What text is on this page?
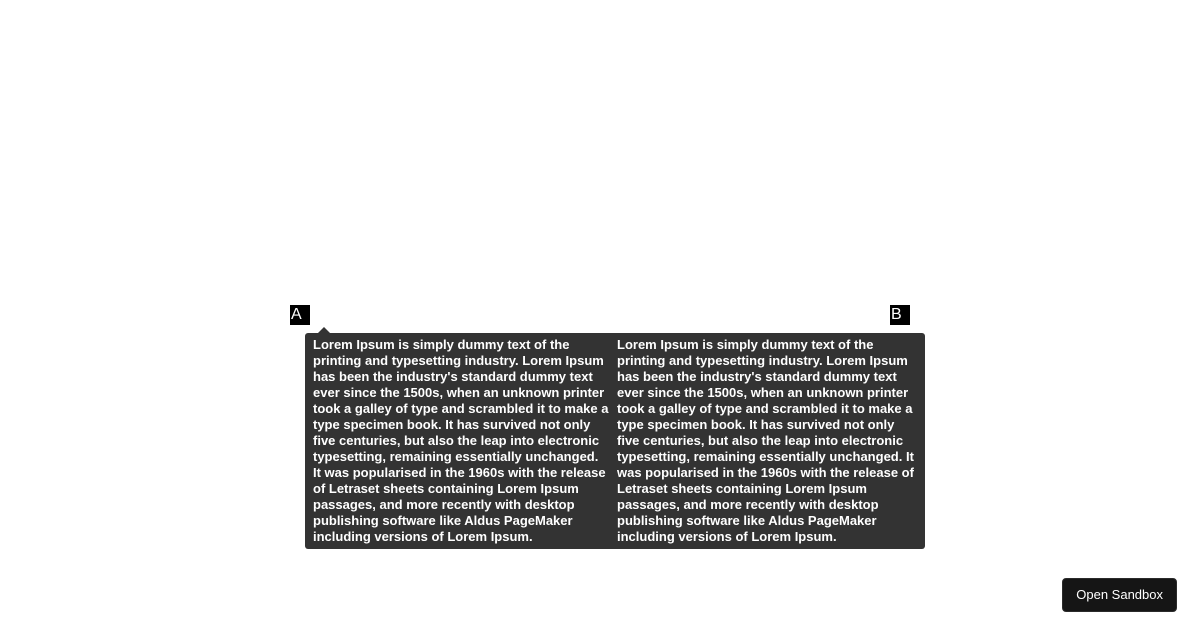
A	B
Lorem Ipsum is simply dummy text of the printing and typesetting industry. Lorem Ipsum has been the industry's standard dummy text ever since the 1500s, when an unknown printer took a galley of type and scrambled it to make a type specimen book. It has survived not only five centuries, but also the leap into electronic typesetting, remaining essentially unchanged. It was popularised in the 1960s with the release of Letraset sheets containing Lorem Ipsum passages, and more recently with desktop publishing software like Aldus PageMaker including versions of Lorem Ipsum.
Lorem Ipsum is simply dummy text of the printing and typesetting industry. Lorem Ipsum has been the industry's standard dummy text ever since the 1500s, when an unknown printer took a galley of type and scrambled it to make a type specimen book. It has survived not only five centuries, but also the leap into electronic typesetting, remaining essentially unchanged. It was popularised in the 1960s with the release of Letraset sheets containing Lorem Ipsum passages, and more recently with desktop publishing software like Aldus PageMaker including versions of Lorem Ipsum.
Open Sandbox
